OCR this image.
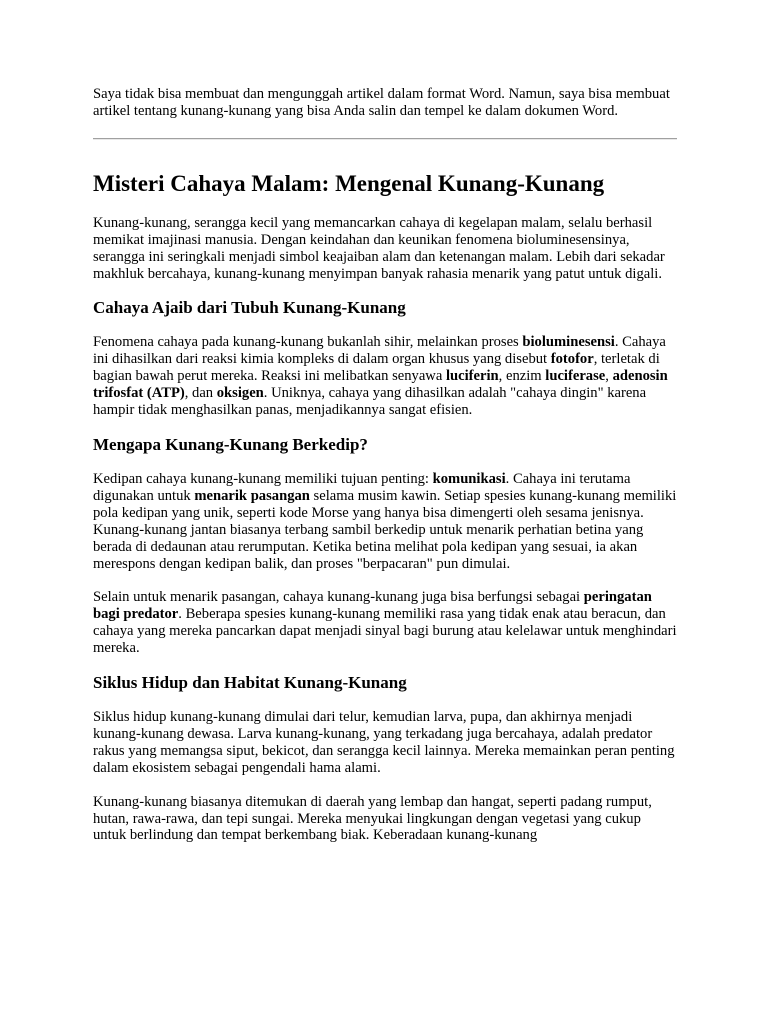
Saya tidak bisa membuat dan mengunggah artikel dalam format Word. Namun, saya bisa membuat artikel tentang kunang-kunang yang bisa Anda salin dan tempel ke dalam dokumen Word.

Misteri Cahaya Malam: Mengenal Kunang-Kunang

Kunang-kunang, serangga kecil yang memancarkan cahaya di kegelapan malam, selalu berhasil memikat imajinasi manusia. Dengan keindahan dan keunikan fenomena bioluminesensinya, serangga ini seringkali menjadi simbol keajaiban alam dan ketenangan malam. Lebih dari sekadar makhluk bercahaya, kunang-kunang menyimpan banyak rahasia menarik yang patut untuk digali.

Cahaya Ajaib dari Tubuh Kunang-Kunang

Fenomena cahaya pada kunang-kunang bukanlah sihir, melainkan proses bioluminesensi. Cahaya ini dihasilkan dari reaksi kimia kompleks di dalam organ khusus yang disebut fotofor, terletak di bagian bawah perut mereka. Reaksi ini melibatkan senyawa luciferin, enzim luciferase, adenosin trifosfat (ATP), dan oksigen. Uniknya, cahaya yang dihasilkan adalah "cahaya dingin" karena hampir tidak menghasilkan panas, menjadikannya sangat efisien.

Mengapa Kunang-Kunang Berkedip?

Kedipan cahaya kunang-kunang memiliki tujuan penting: komunikasi. Cahaya ini terutama digunakan untuk menarik pasangan selama musim kawin. Setiap spesies kunang-kunang memiliki pola kedipan yang unik, seperti kode Morse yang hanya bisa dimengerti oleh sesama jenisnya. Kunang-kunang jantan biasanya terbang sambil berkedip untuk menarik perhatian betina yang berada di dedaunan atau rerumputan. Ketika betina melihat pola kedipan yang sesuai, ia akan merespons dengan kedipan balik, dan proses "berpacaran" pun dimulai.

Selain untuk menarik pasangan, cahaya kunang-kunang juga bisa berfungsi sebagai peringatan bagi predator. Beberapa spesies kunang-kunang memiliki rasa yang tidak enak atau beracun, dan cahaya yang mereka pancarkan dapat menjadi sinyal bagi burung atau kelelawar untuk menghindari mereka.

Siklus Hidup dan Habitat Kunang-Kunang

Siklus hidup kunang-kunang dimulai dari telur, kemudian larva, pupa, dan akhirnya menjadi kunang-kunang dewasa. Larva kunang-kunang, yang terkadang juga bercahaya, adalah predator rakus yang memangsa siput, bekicot, dan serangga kecil lainnya. Mereka memainkan peran penting dalam ekosistem sebagai pengendali hama alami.

Kunang-kunang biasanya ditemukan di daerah yang lembap dan hangat, seperti padang rumput, hutan, rawa-rawa, dan tepi sungai. Mereka menyukai lingkungan dengan vegetasi yang cukup untuk berlindung dan tempat berkembang biak. Keberadaan kunang-kunang
